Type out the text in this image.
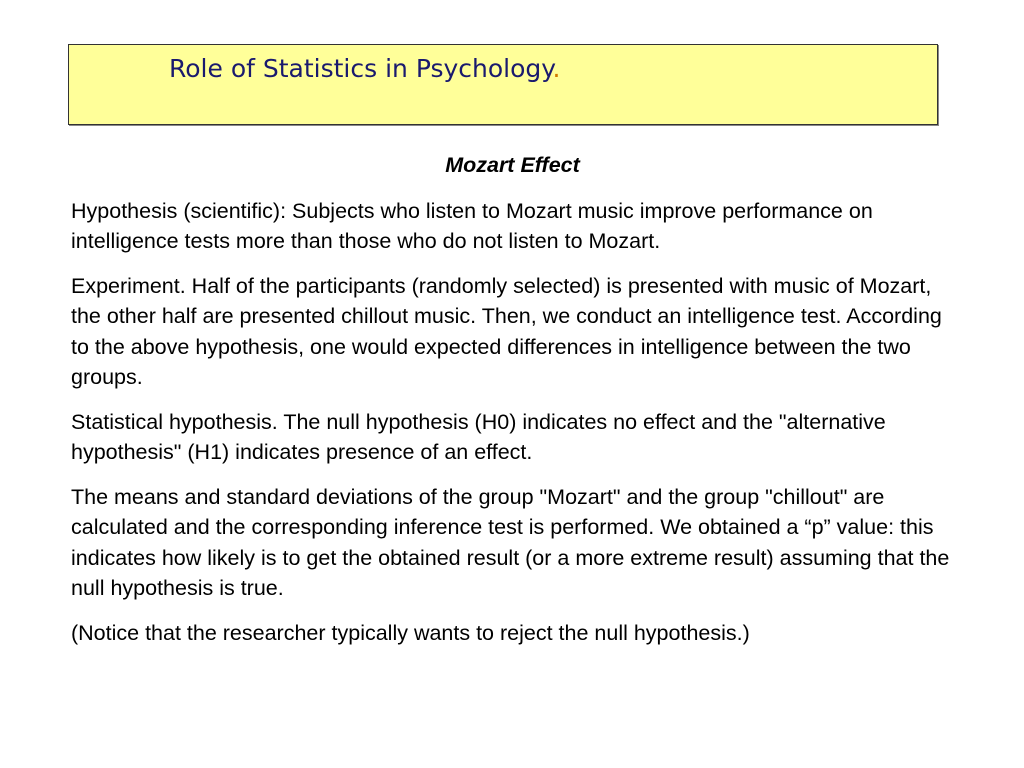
Role of Statistics in Psychology.
Mozart Effect

Hypothesis (scientific): Subjects who listen to Mozart music improve performance on intelligence tests more than those who do not listen to Mozart.

Experiment. Half of the participants (randomly selected) is presented with music of Mozart, the other half are presented chillout music. Then, we conduct an intelligence test. According to the above hypothesis, one would expected differences in intelligence between the two groups.

Statistical hypothesis. The null hypothesis (H0) indicates no effect and the "alternative hypothesis" (H1) indicates presence of an effect.

The means and standard deviations of the group "Mozart" and the group "chillout" are calculated and the corresponding inference test is performed. We obtained a “p” value: this indicates how likely is to get the obtained result (or a more extreme result) assuming that the null hypothesis is true.

(Notice that the researcher typically wants to reject the null hypothesis.)
